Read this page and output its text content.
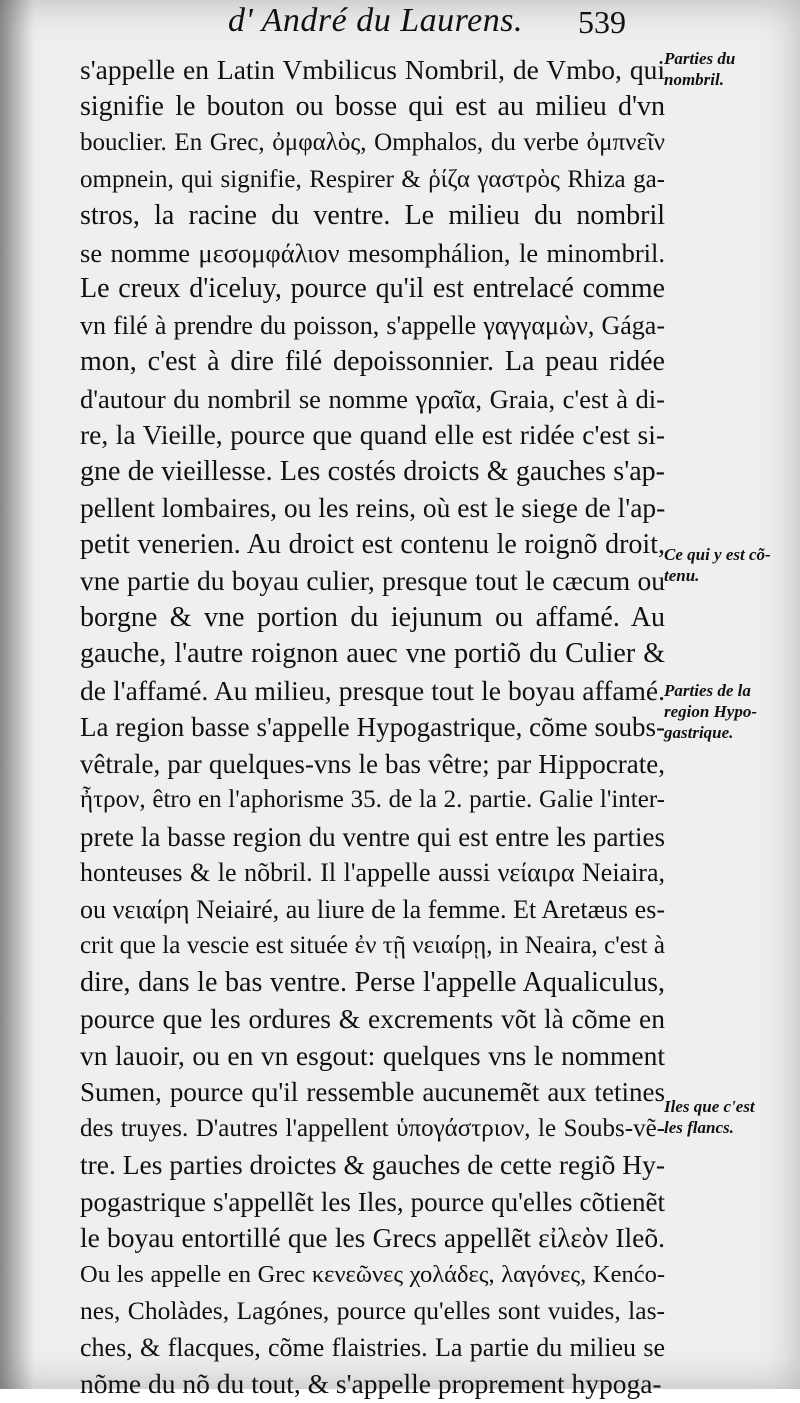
d' André du Laurens. 539
s'appelle en Latin Vmbilicus Nombril, de Vmbo, qui
signifie le bouton ou bosse qui est au milieu d'vn
bouclier. En Grec, ὀμφαλὸς, Omphalos, du verbe ὀμπνεῖν
ompnein, qui signifie, Respirer & ῥίζα γαστρὸς Rhiza ga-
stros, la racine du ventre. Le milieu du nombril
se nomme μεσομφάλιον mesomphálion, le minombril.
Le creux d'iceluy, pource qu'il est entrelacé comme
vn filé à prendre du poisson, s'appelle γαγγαμὼν, Gága-
mon, c'est à dire filé depoissonnier. La peau ridée
d'autour du nombril se nomme γραῖα, Graia, c'est à di-
re, la Vieille, pource que quand elle est ridée c'est si-
gne de vieillesse. Les costés droicts & gauches s'ap-
pellent lombaires, ou les reins, où est le siege de l'ap-
petit venerien. Au droict est contenu le roignõ droit,
vne partie du boyau culier, presque tout le cæcum ou
borgne & vne portion du iejunum ou affamé. Au
gauche, l'autre roignon auec vne portiõ du Culier &
de l'affamé. Au milieu, presque tout le boyau affamé.
La region basse s'appelle Hypogastrique, cõme soubs-
vêtrale, par quelques-vns le bas vêtre; par Hippocrate,
ἦτρον, êtro en l'aphorisme 35. de la 2. partie. Galie l'inter-
prete la basse region du ventre qui est entre les parties
honteuses & le nõbril. Il l'appelle aussi νείαιρα Neiaira,
ou νειαίρη Neiairé, au liure de la femme. Et Aretæus es-
crit que la vescie est située ἐν τῇ νειαίρῃ, in Neaira, c'est à
dire, dans le bas ventre. Perse l'appelle Aqualiculus,
pource que les ordures & excrements võt là cõme en
vn lauoir, ou en vn esgout: quelques vns le nomment
Sumen, pource qu'il ressemble aucunemẽt aux tetines
des truyes. D'autres l'appellent ὑπογάστριον, le Soubs-vẽ-
tre. Les parties droictes & gauches de cette regiõ Hy-
pogastrique s'appellẽt les Iles, pource qu'elles cõtienẽt
le boyau entortillé que les Grecs appellẽt εἰλεὸν Ileõ.
Ou les appelle en Grec κενεῶνες χολάδες, λαγόνες, Kenćo-
nes, Cholàdes, Lagónes, pource qu'elles sont vuides, las-
ches, & flacques, cõme flaistries. La partie du milieu se
nõme du nõ du tout, & s'appelle proprement hypoga-
Parties du
nombril.
Ce qui y est cõ-
tenu.
Parties de la
region Hypo-
gastrique.
Iles que c'est
les flancs.
